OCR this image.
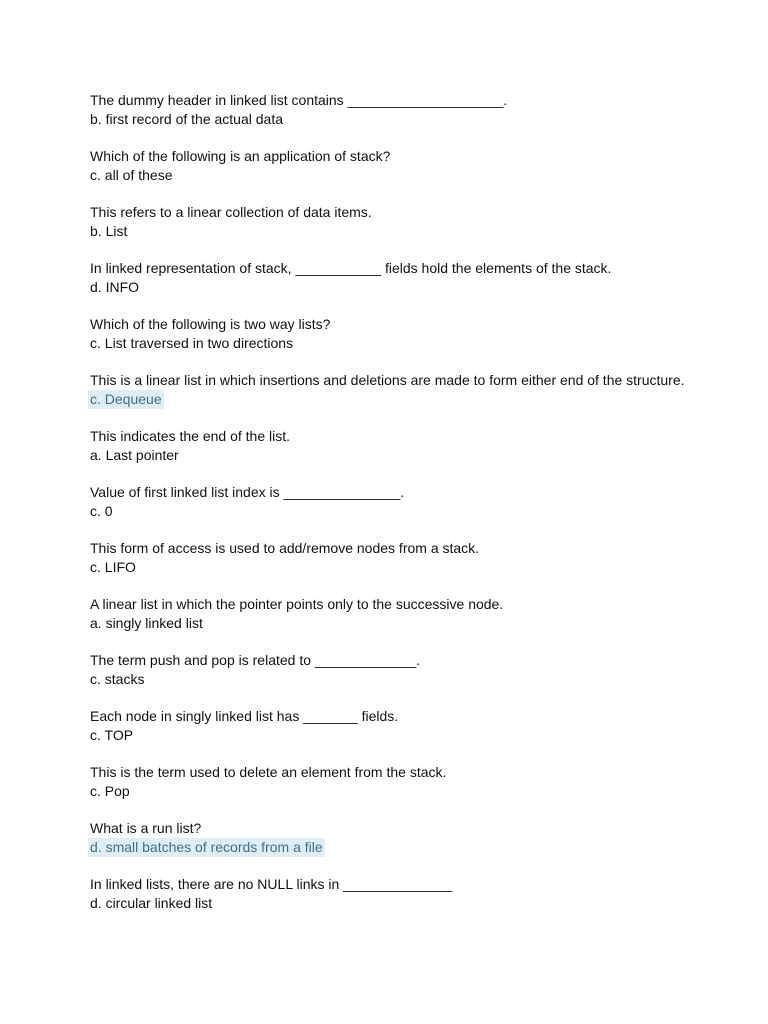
The dummy header in linked list contains ____________________.
b. first record of the actual data
Which of the following is an application of stack?
c. all of these
This refers to a linear collection of data items.
b. List
In linked representation of stack, ___________ fields hold the elements of the stack.
d. INFO
Which of the following is two way lists?
c. List traversed in two directions
This is a linear list in which insertions and deletions are made to form either end of the structure.
c. Dequeue
This indicates the end of the list.
a. Last pointer
Value of first linked list index is _______________.
c. 0
This form of access is used to add/remove nodes from a stack.
c. LIFO
A linear list in which the pointer points only to the successive node.
a. singly linked list
The term push and pop is related to _____________.
c. stacks
Each node in singly linked list has _______ fields.
c. TOP
This is the term used to delete an element from the stack.
c. Pop
What is a run list?
d. small batches of records from a file
In linked lists, there are no NULL links in ______________
d. circular linked list
